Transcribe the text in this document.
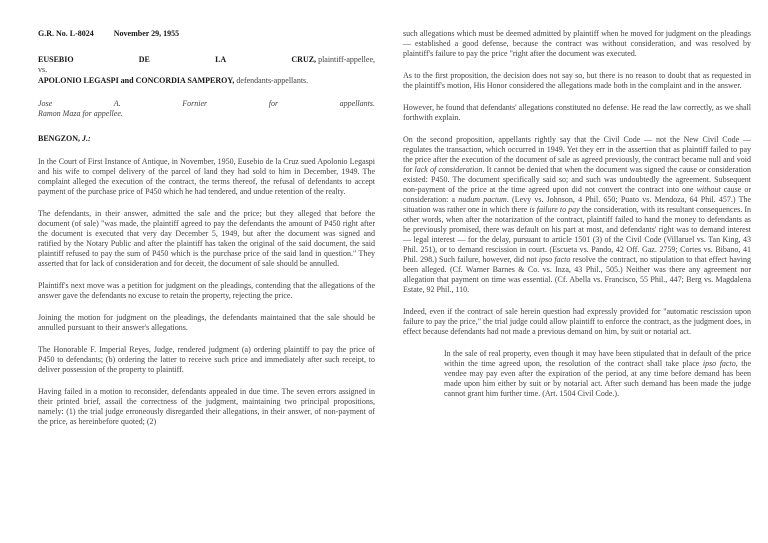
G.R. No. L-8024	November 29, 1955
EUSEBIO	DE	LA	CRUZ, plaintiff-appellee,
vs.
APOLONIO LEGASPI and CONCORDIA SAMPEROY, defendants-appellants.
Jose	A.	Fornier	for	appellants.
Ramon Maza for appellee.
BENGZON, J.:

In the Court of First Instance of Antique, in November, 1950, Eusebio de la Cruz sued Apolonio Legaspi and his wife to compel delivery of the parcel of land they had sold to him in December, 1949. The complaint alleged the execution of the contract, the terms thereof, the refusal of defendants to accept payment of the purchase price of P450 which he had tendered, and undue retention of the realty.

The defendants, in their answer, admitted the sale and the price; but they alleged that before the document (of sale) "was made, the plaintiff agreed to pay the defendants the amount of P450 right after the document is executed that very day December 5, 1949, but after the document was signed and ratified by the Notary Public and after the plaintiff has taken the original of the said document, the said plaintiff refused to pay the sum of P450 which is the purchase price of the said land in question." They asserted that for lack of consideration and for deceit, the document of sale should be annulled.

Plaintiff's next move was a petition for judgment on the pleadings, contending that the allegations of the answer gave the defendants no excuse to retain the property, rejecting the price.

Joining the motion for judgment on the pleadings, the defendants maintained that the sale should be annulled pursuant to their answer's allegations.

The Honorable F. Imperial Reyes, Judge, rendered judgment (a) ordering plaintiff to pay the price of P450 to defendants; (b) ordering the latter to receive such price and immediately after such receipt, to deliver possession of the property to plaintiff.

Having failed in a motion to reconsider, defendants appealed in due time. The seven errors assigned in their printed brief, assail the correctness of the judgment, maintaining two principal propositions, namely: (1) the trial judge erroneously disregarded their allegations, in their answer, of non-payment of the price, as hereinbefore quoted; (2)

such allegations which must be deemed admitted by plaintiff when he moved for judgment on the pleadings — established a good defense, because the contract was without consideration, and was resolved by plaintiff's failure to pay the price "right after the document was executed.

As to the first proposition, the decision does not say so, but there is no reason to doubt that as requested in the plaintiff's motion, His Honor considered the allegations made both in the complaint and in the answer.

However, he found that defendants' allegations constituted no defense. He read the law correctly, as we shall forthwith explain.

On the second proposition, appellants rightly say that the Civil Code — not the New Civil Code — regulates the transaction, which occurred in 1949. Yet they err in the assertion that as plaintiff failed to pay the price after the execution of the document of sale as agreed previously, the contract became null and void for lack of consideration. It cannot be denied that when the document was signed the cause or consideration existed: P450. The document specifically said so; and such was undoubtedly the agreement. Subsequent non-payment of the price at the time agreed upon did not convert the contract into one without cause or consideration: a nudum pactum. (Levy vs. Johnson, 4 Phil. 650; Puato vs. Mendoza, 64 Phil. 457.) The situation was rather one in which there is failure to pay the consideration, with its resultant consequences. In other words, when after the notarization of the contract, plaintiff failed to hand the money to defendants as he previously promised, there was default on his part at most, and defendants' right was to demand interest — legal interest — for the delay, pursuant to article 1501 (3) of the Civil Code (Villaruel vs. Tan King, 43 Phil. 251), or to demand rescission in court. (Escueta vs. Pando, 42 Off. Gaz. 2759; Cortes vs. Bibano, 41 Phil. 298.) Such failure, however, did not ipso facto resolve the contract, no stipulation to that effect having been alleged. (Cf. Warner Barnes & Co. vs. Inza, 43 Phil., 505.) Neither was there any agreement nor allegation that payment on time was essential. (Cf. Abella vs. Francisco, 55 Phil., 447; Berg vs. Magdalena Estate, 92 Phil., 110.

Indeed, even if the contract of sale herein question had expressly provided for "automatic rescission upon failure to pay the price," the trial judge could allow plaintiff to enforce the contract, as the judgment does, in effect because defendants had not made a previous demand on him, by suit or notarial act.

In the sale of real property, even though it may have been stipulated that in default of the price within the time agreed upon, the resolution of the contract shall take place ipso facto, the vendee may pay even after the expiration of the period, at any time before demand has been made upon him either by suit or by notarial act. After such demand has been made the judge cannot grant him further time. (Art. 1504 Civil Code.).
